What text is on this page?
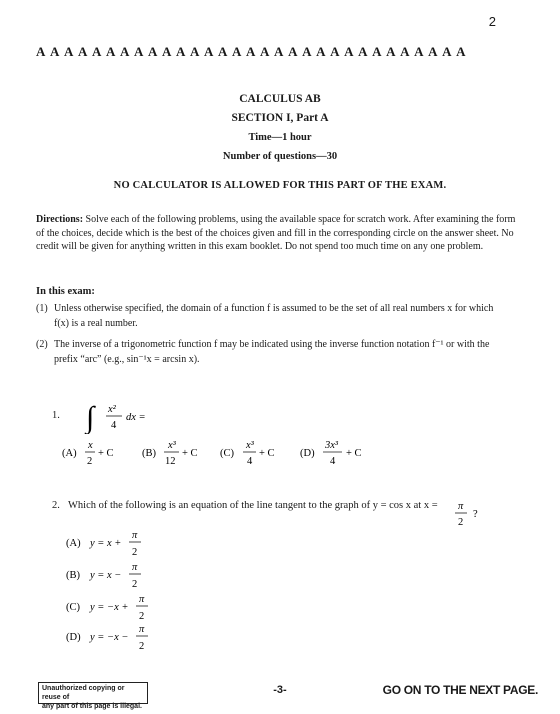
2
A A A A A A A A A A A A A A A A A A A A A A A A A A A A A A A
CALCULUS AB
SECTION I, Part A
Time—1 hour
Number of questions—30
NO CALCULATOR IS ALLOWED FOR THIS PART OF THE EXAM.
Directions: Solve each of the following problems, using the available space for scratch work. After examining the form of the choices, decide which is the best of the choices given and fill in the corresponding circle on the answer sheet. No credit will be given for anything written in this exam booklet. Do not spend too much time on any one problem.
In this exam:
(1) Unless otherwise specified, the domain of a function f is assumed to be the set of all real numbers x for which
f(x) is a real number.
(2) The inverse of a trigonometric function f may be indicated using the inverse function notation f⁻¹ or with the
prefix “arc” (e.g., sin⁻¹x = arcsin x).
1. ∫ x²
4
dx =
(A)
x
2
+ C	(B)
x³
12
+ C (C)
x³
4
+ C (D)
3x³
4
+ C
2. Which of the following is an equation of the line tangent to the graph of y = cos x at x = π
2
?
(A) y = x +
π
2
(B) y = x −
π
2
(C) y = −x +
π
2
(D) y = −x −
π
2
Unauthorized copying or reuse of
any part of this page is illegal.
-3-	GO ON TO THE NEXT PAGE.
